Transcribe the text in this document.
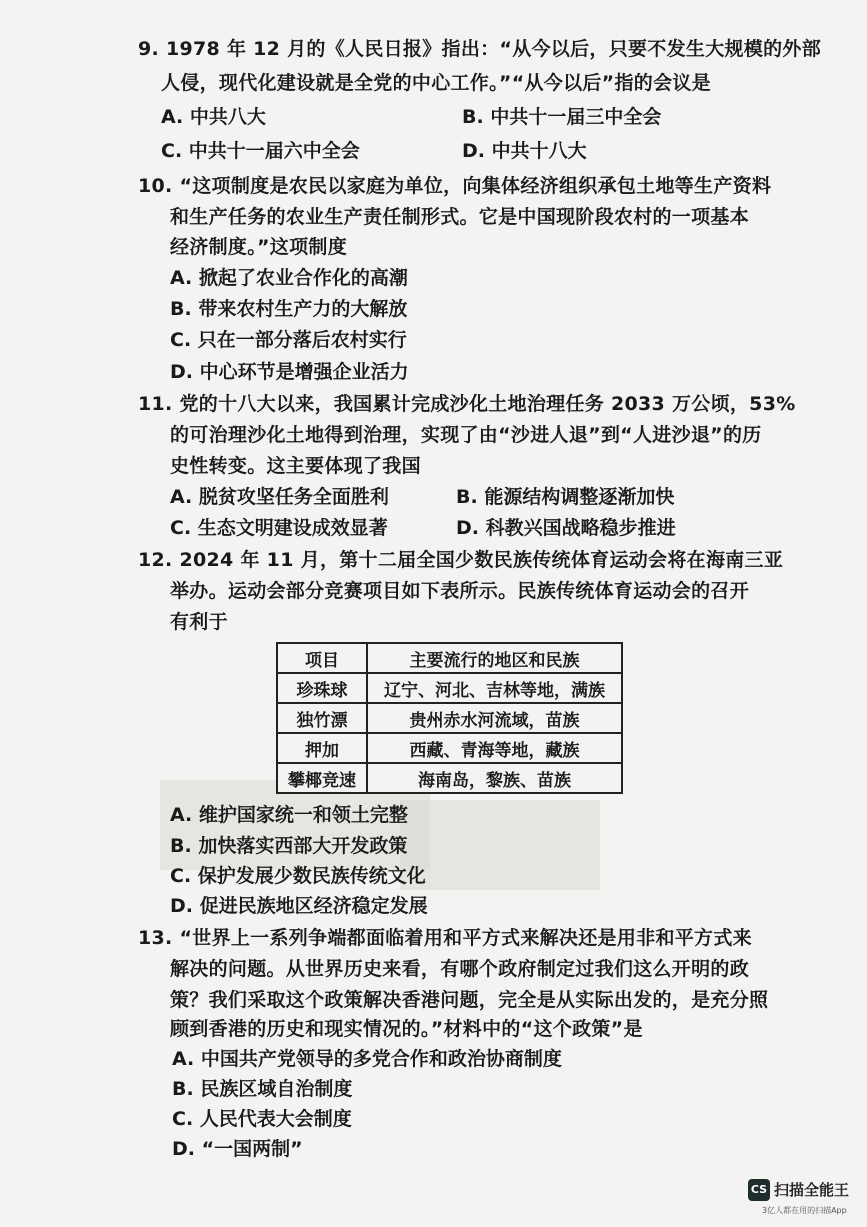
9. 1978 年 12 月的《人民日报》指出：“从今以后，只要不发生大规模的外部
人侵，现代化建设就是全党的中心工作。”“从今以后”指的会议是
A. 中共八大	B. 中共十一届三中全会
C. 中共十一届六中全会	D. 中共十八大
10. “这项制度是农民以家庭为单位，向集体经济组织承包土地等生产资料
和生产任务的农业生产责任制形式。它是中国现阶段农村的一项基本
经济制度。”这项制度
A. 掀起了农业合作化的高潮
B. 带来农村生产力的大解放
C. 只在一部分落后农村实行
D. 中心环节是增强企业活力
11. 党的十八大以来，我国累计完成沙化土地治理任务 2033 万公顷，53%
的可治理沙化土地得到治理，实现了由“沙进人退”到“人进沙退”的历
史性转变。这主要体现了我国
A. 脱贫攻坚任务全面胜利	B. 能源结构调整逐渐加快
C. 生态文明建设成效显著	D. 科教兴国战略稳步推进
12. 2024 年 11 月，第十二届全国少数民族传统体育运动会将在海南三亚
举办。运动会部分竞赛项目如下表所示。民族传统体育运动会的召开
有利于
项目	主要流行的地区和民族
珍珠球	辽宁、河北、吉林等地，满族
独竹漂	贵州赤水河流域，苗族
押加	西藏、青海等地，藏族
攀椰竞速	海南岛，黎族、苗族
A. 维护国家统一和领土完整
B. 加快落实西部大开发政策
C. 保护发展少数民族传统文化
D. 促进民族地区经济稳定发展
13. “世界上一系列争端都面临着用和平方式来解决还是用非和平方式来
解决的问题。从世界历史来看，有哪个政府制定过我们这么开明的政
策？我们采取这个政策解决香港问题，完全是从实际出发的，是充分照
顾到香港的历史和现实情况的。”材料中的“这个政策”是
A. 中国共产党领导的多党合作和政治协商制度
B. 民族区域自治制度
C. 人民代表大会制度
D. “一国两制”
CS 扫描全能王
3亿人都在用的扫描App
